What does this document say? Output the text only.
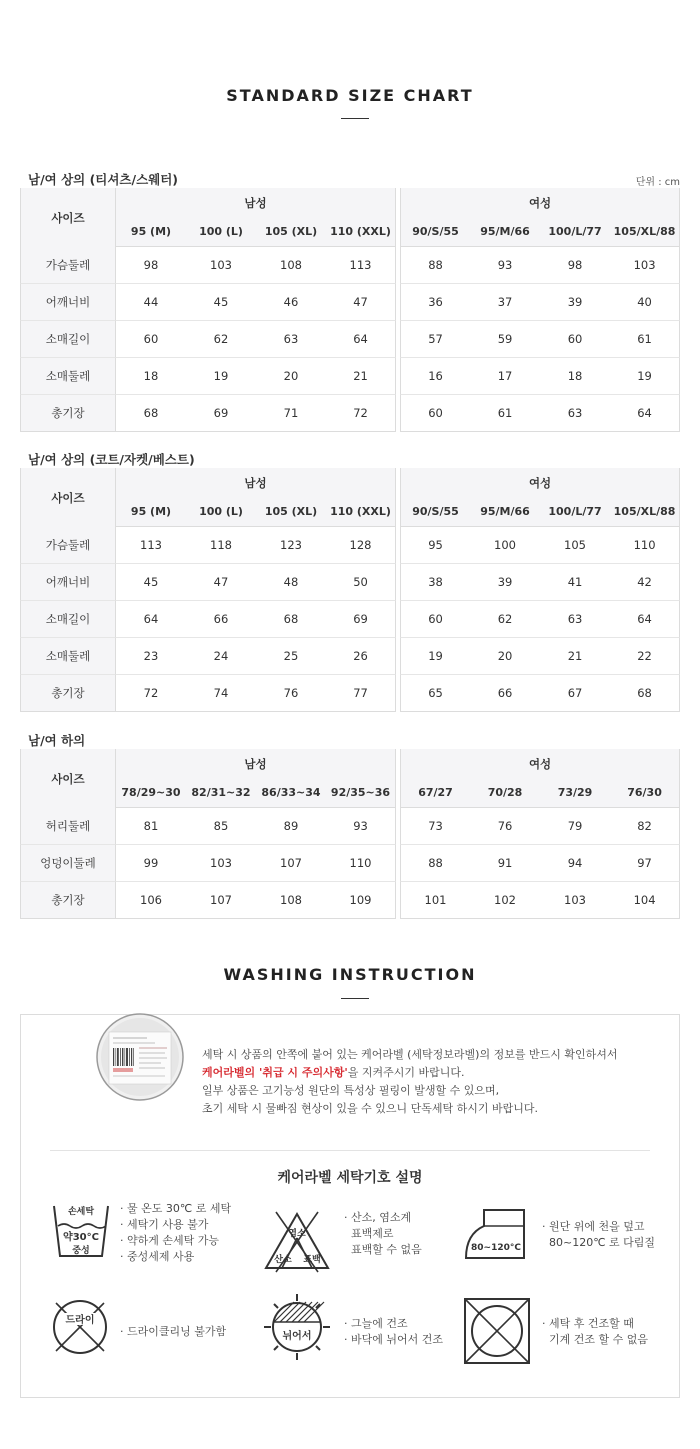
STANDARD SIZE CHART
남/여 상의 (티셔츠/스웨터)	단위 : cm
사이즈	남성					여성			
	95 (M)	100 (L)	105 (XL)	110 (XXL)		90/S/55	95/M/66	100/L/77	105/XL/88
가슴둘레	98	103	108	113		88	93	98	103
어깨너비	44	45	46	47		36	37	39	40
소매길이	60	62	63	64		57	59	60	61
소매둘레	18	19	20	21		16	17	18	19
총기장	68	69	71	72		60	61	63	64
남/여 상의 (코트/자켓/베스트)
사이즈	남성					여성			
	95 (M)	100 (L)	105 (XL)	110 (XXL)		90/S/55	95/M/66	100/L/77	105/XL/88
가슴둘레	113	118	123	128		95	100	105	110
어깨너비	45	47	48	50		38	39	41	42
소매길이	64	66	68	69		60	62	63	64
소매둘레	23	24	25	26		19	20	21	22
총기장	72	74	76	77		65	66	67	68
남/여 하의
사이즈	남성					여성			
	78/29~30	82/31~32	86/33~34	92/35~36		67/27	70/28	73/29	76/30
허리둘레	81	85	89	93		73	76	79	82
엉덩이둘레	99	103	107	110		88	91	94	97
총기장	106	107	108	109		101	102	103	104
WASHING INSTRUCTION
세탁 시 상품의 안쪽에 붙어 있는 케어라벨 (세탁정보라벨)의 정보를 반드시 확인하셔서
케어라벨의 '취급 시 주의사항'을 지켜주시기 바랍니다.
일부 상품은 고기능성 원단의 특성상 필링이 발생할 수 있으며,
초기 세탁 시 물빠짐 현상이 있을 수 있으니 단독세탁 하시기 바랍니다.
케어라벨 세탁기호 설명
손세탁
약30°C
중성
· 물 온도 30℃ 로 세탁
· 세탁기 사용 불가
· 약하게 손세탁 가능
· 중성세제 사용
염소
산소 표백
· 산소, 염소계
표백제로
표백할 수 없음	80~120°C
· 원단 위에 천을 덮고
80~120℃ 로 다림질
드라이
· 드라이클리닝 불가함	뉘어서
· 그늘에 건조
· 바닥에 뉘어서 건조
· 세탁 후 건조할 때
기계 건조 할 수 없음
